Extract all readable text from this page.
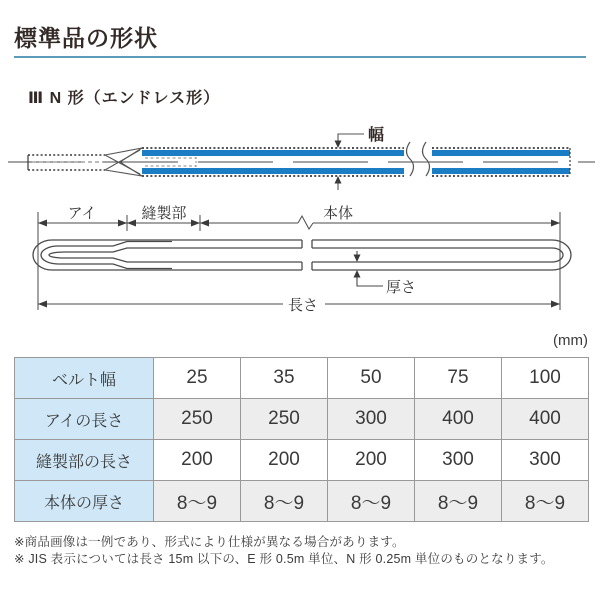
標準品の形状
Ⅲ N 形（エンドレス形）
幅
厚さ
アイ	縫製部	本体
長さ
(mm)
ベルト幅	25	35	50	75	100
アイの長さ	250	250	300	400	400
縫製部の長さ	200	200	200	300	300
本体の厚さ	8～9	8～9	8～9	8～9	8～9
※商品画像は一例であり、形式により仕様が異なる場合があります。
※ JIS 表示については長さ 15m 以下の、E 形 0.5m 単位、N 形 0.25m 単位のものとなります。
